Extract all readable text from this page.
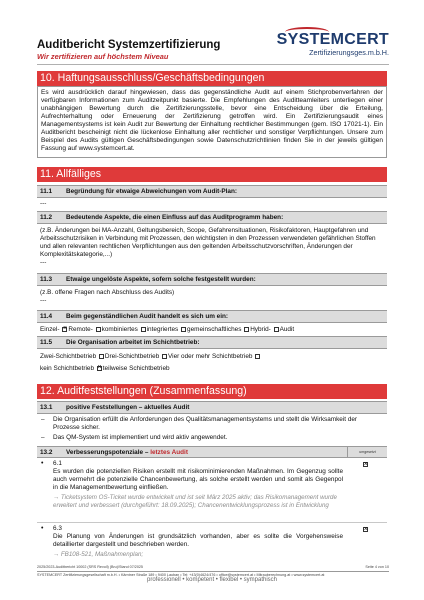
Auditbericht Systemzertifizierung
Wir zertifizieren auf höchstem Niveau
SYSTEMCERT
Zertifizierungsges.m.b.H.
10. Haftungsausschluss/Geschäftsbedingungen
Es wird ausdrücklich darauf hingewiesen, dass das gegenständliche Audit auf einem Stichprobenverfahren der verfügbaren Informationen zum Auditzeitpunkt basierte. Die Empfehlungen des Auditteamleiters unterliegen einer unabhängigen Bewertung durch die Zertifizierungsstelle, bevor eine Entscheidung über die Erteilung, Aufrechterhaltung oder Erneuerung der Zertifizierung getroffen wird. Ein Zertifizierungsaudit eines Managementsystems ist kein Audit zur Bewertung der Einhaltung rechtlicher Bestimmungen (gem. ISO 17021-1). Ein Auditbericht bescheinigt nicht die lückenlose Einhaltung aller rechtlicher und sonstiger Verpflichtungen. Unsere zum Beispiel des Audits gültigen Geschäftsbedingungen sowie Datenschutzrichtlinien finden Sie in der jeweils gültigen Fassung auf www.systemcert.at.
11. Allfälliges
11.1 Begründung für etwaige Abweichungen vom Audit-Plan:
---
11.2 Bedeutende Aspekte, die einen Einfluss auf das Auditprogramm haben:
(z.B. Änderungen bei MA-Anzahl, Geltungsbereich, Scope, Gefahrensituationen, Risikofaktoren, Hauptgefahren und Arbeitsschutzrisiken in Verbindung mit Prozessen, den wichtigsten in den Prozessen verwendeten gefährlichen Stoffen und allen relevanten rechtlichen Verpflichtungen aus den geltenden Arbeitsschutzvorschriften, Änderungen der Komplexitätskategorie,...)
---
11.3 Etwaige ungelöste Aspekte, sofern solche festgestellt wurden:
(z.B. offene Fragen nach Abschluss des Audits)
---
11.4 Beim gegenständlichen Audit handelt es sich um ein:
Einzel- × Remote- kombiniertes integriertes gemeinschaftliches Hybrid- Audit
11.5 Die Organisation arbeitet im Schichtbetrieb:
Zwei-Schichtbetrieb Drei-Schichtbetrieb Vier oder mehr Schichtbetrieb
kein Schichtbetrieb × teilweise Schichtbetrieb
12. Auditfeststellungen (Zusammenfassung)
13.1 positive Feststellungen – aktuelles Audit
– Die Organisation erfüllt die Anforderungen des Qualitätsmanagementsystems und stellt die Wirksamkeit der Prozesse sicher.
– Das QM-System ist implementiert und wird aktiv angewendet.
13.2 Verbesserungspotenziale – letztes Audit	umgesetzt
• 6.1
Es wurden die potenziellen Risiken erstellt mit risikominimierenden Maßnahmen. Im Gegenzug sollte auch vermehrt die potenzielle Chancenbewertung, als solche erstellt werden und somit als Gegenpol in die Managementbewertung einfließen.
→ Ticketsystem OS-Ticket wurde entwickelt und ist seit März 2025 aktiv; das Risikomanagement wurde erweitert und verbessert (durchgeführt: 18.09.2025); Chancenentwicklungsprozess ist in Entwicklung
×
• 6.3
Die Planung von Änderungen ist grundsätzlich vorhanden, aber es sollte die Vorgehensweise detaillierter dargestellt und beschrieben werden.
→ FB108-521, Maßnahmenplan;
×
2025/2023-Auditbericht 10002 (SRS Revoll) (Bru)/Stand 07/2025	Seite 4 von 10
SYSTEMCERT Zertifizierungsgesellschaft m.b.H. • Kärntner Straße 189 • 9400 Lauban • Tel: +43(0)4624/476 • office@systemcert.at • Mitrauberechnung.at • www.systemcert.at
professionell • kompetent • flexibel • sympathisch
